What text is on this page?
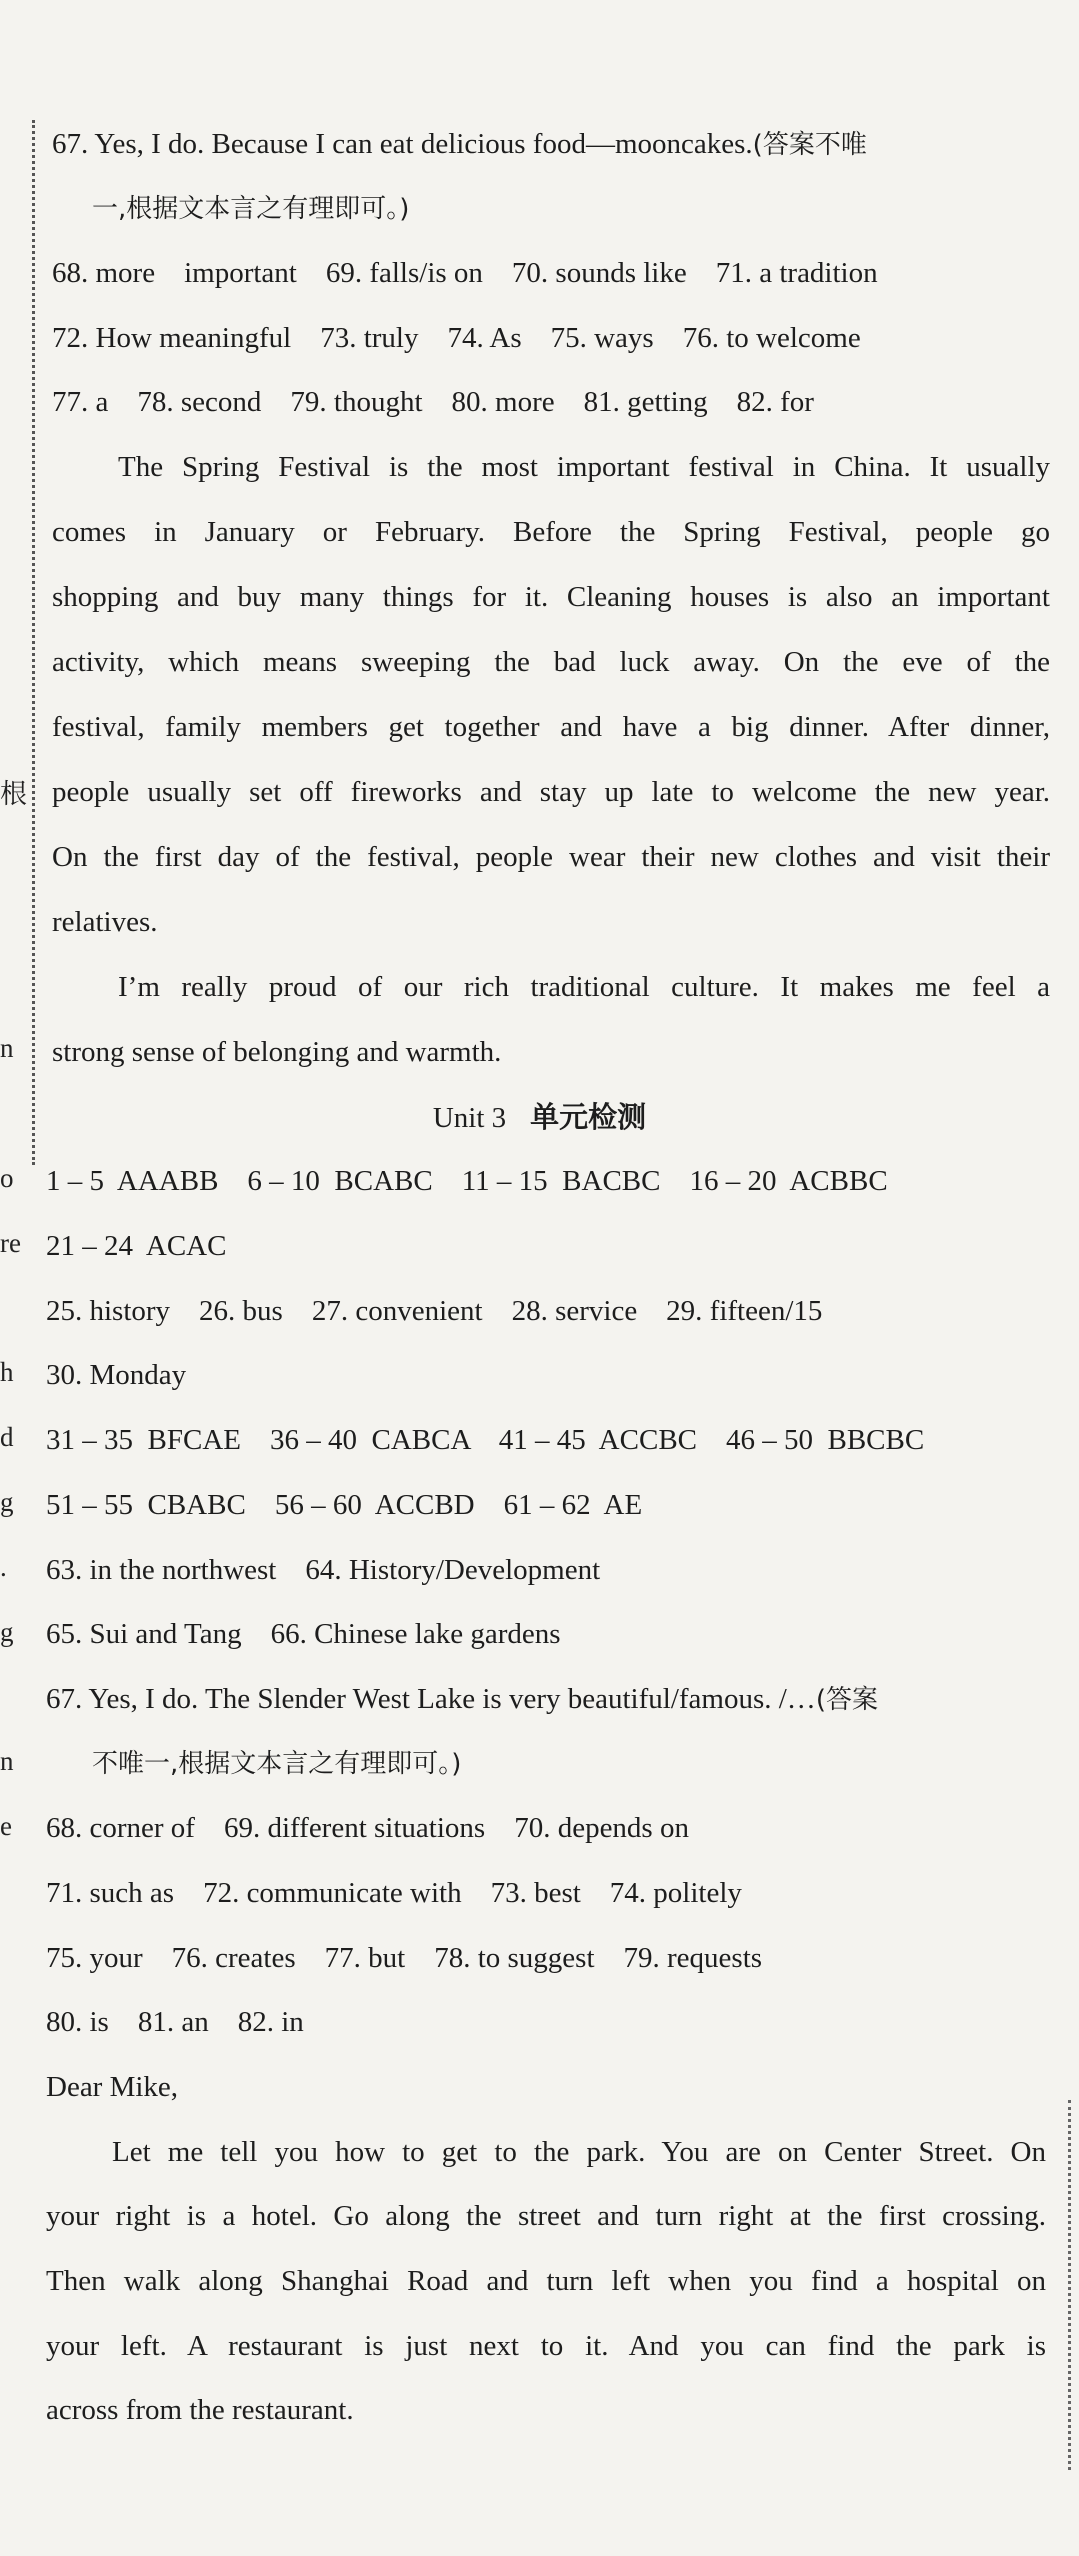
根
n
o
re
h
d
g
.
g
n
e
67. Yes, I do. Because I can eat delicious food—mooncakes.(答案不唯
一,根据文本言之有理即可。)
68. more    important    69. falls/is on    70. sounds like    71. a tradition
72. How meaningful    73. truly    74. As    75. ways    76. to welcome
77. a    78. second    79. thought    80. more    81. getting    82. for
The Spring Festival is the most important festival in China. It usually
comes in January or February. Before the Spring Festival, people go
shopping and buy many things for it. Cleaning houses is also an important
activity, which means sweeping the bad luck away. On the eve of the
festival, family members get together and have a big dinner. After dinner,
people usually set off fireworks and stay up late to welcome the new year.
On the first day of the festival, people wear their new clothes and visit their
relatives.
I’m really proud of our rich traditional culture. It makes me feel a
strong sense of belonging and warmth.
Unit 3 单元检测
1 – 5  AAABB    6 – 10  BCABC    11 – 15  BACBC    16 – 20  ACBBC
21 – 24  ACAC
25. history    26. bus    27. convenient    28. service    29. fifteen/15
30. Monday
31 – 35  BFCAE    36 – 40  CABCA    41 – 45  ACCBC    46 – 50  BBCBC
51 – 55  CBABC    56 – 60  ACCBD    61 – 62  AE
63. in the northwest    64. History/Development
65. Sui and Tang    66. Chinese lake gardens
67. Yes, I do. The Slender West Lake is very beautiful/famous. /…(答案
不唯一,根据文本言之有理即可。)
68. corner of    69. different situations    70. depends on
71. such as    72. communicate with    73. best    74. politely
75. your    76. creates    77. but    78. to suggest    79. requests
80. is    81. an    82. in
Dear Mike,
Let me tell you how to get to the park. You are on Center Street. On
your right is a hotel. Go along the street and turn right at the first crossing.
Then walk along Shanghai Road and turn left when you find a hospital on
your left. A restaurant is just next to it. And you can find the park is
across from the restaurant.
